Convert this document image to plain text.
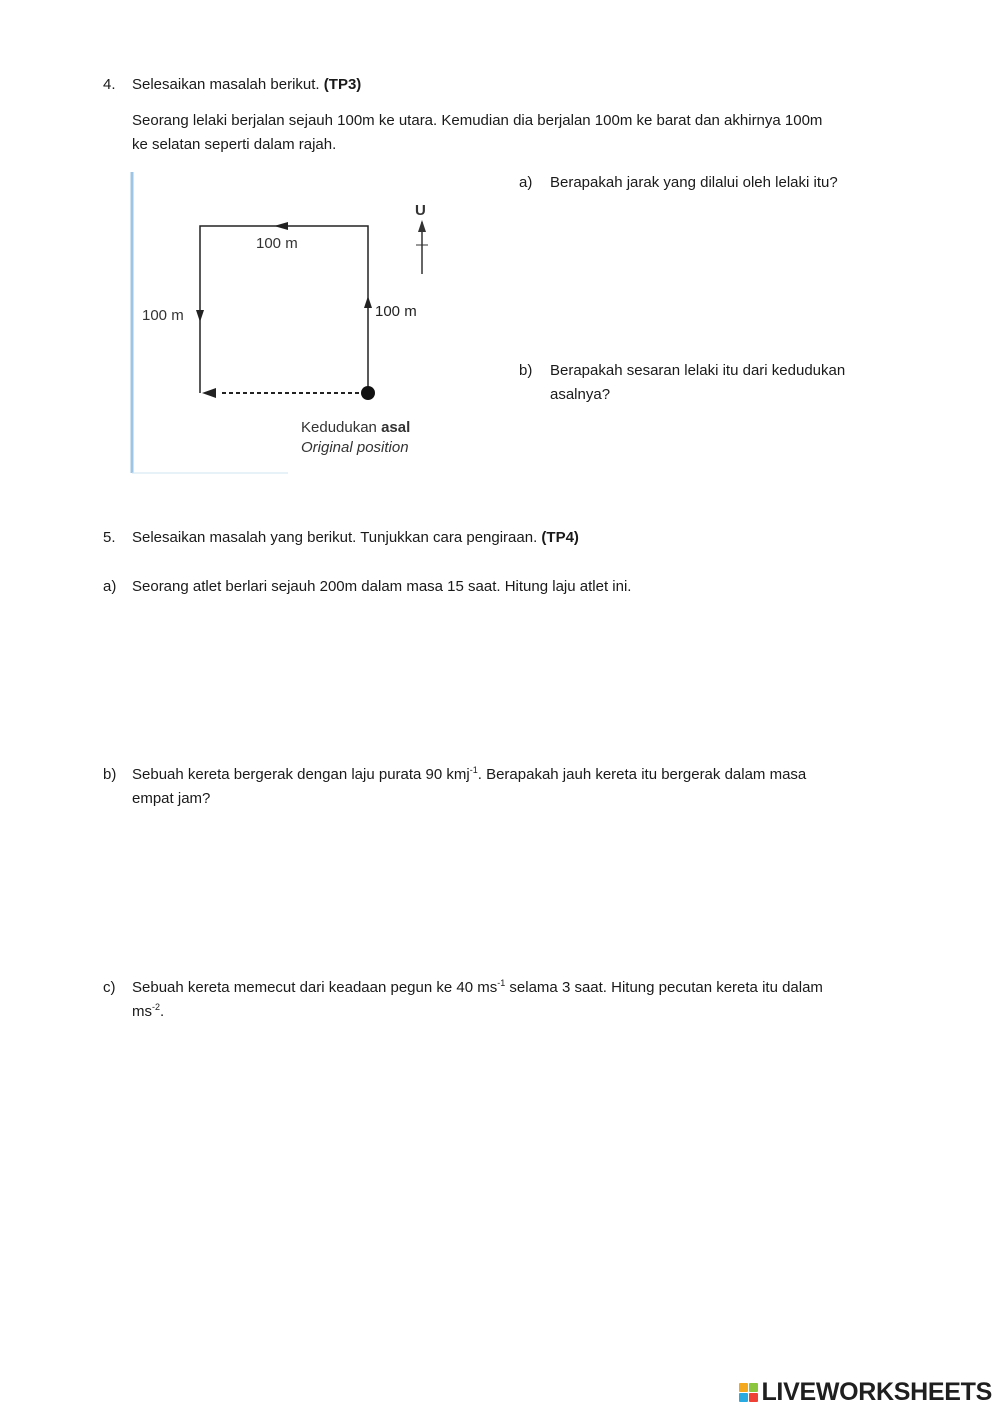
4.	Selesaikan masalah berikut. (TP3)
Seorang lelaki berjalan sejauh 100m ke utara. Kemudian dia berjalan 100m ke barat dan akhirnya 100m
ke selatan seperti dalam rajah.
100 m
100 m	100 m
U
Kedudukan asal
Original position
a) Berapakah jarak yang dilalui oleh lelaki itu?
b) Berapakah sesaran lelaki itu dari kedudukan
asalnya?
5.	Selesaikan masalah yang berikut. Tunjukkan cara pengiraan. (TP4)
a) Seorang atlet berlari sejauh 200m dalam masa 15 saat. Hitung laju atlet ini.
b) Sebuah kereta bergerak dengan laju purata 90 kmj$^{-1}$. Berapakah jauh kereta itu bergerak dalam masa
empat jam?
c) Sebuah kereta memecut dari keadaan pegun ke 40 $ms^{-1}$ selama 3 saat. Hitung pecutan kereta itu dalam
$ms^{-2}$.
LIVEWORKSHEETS
